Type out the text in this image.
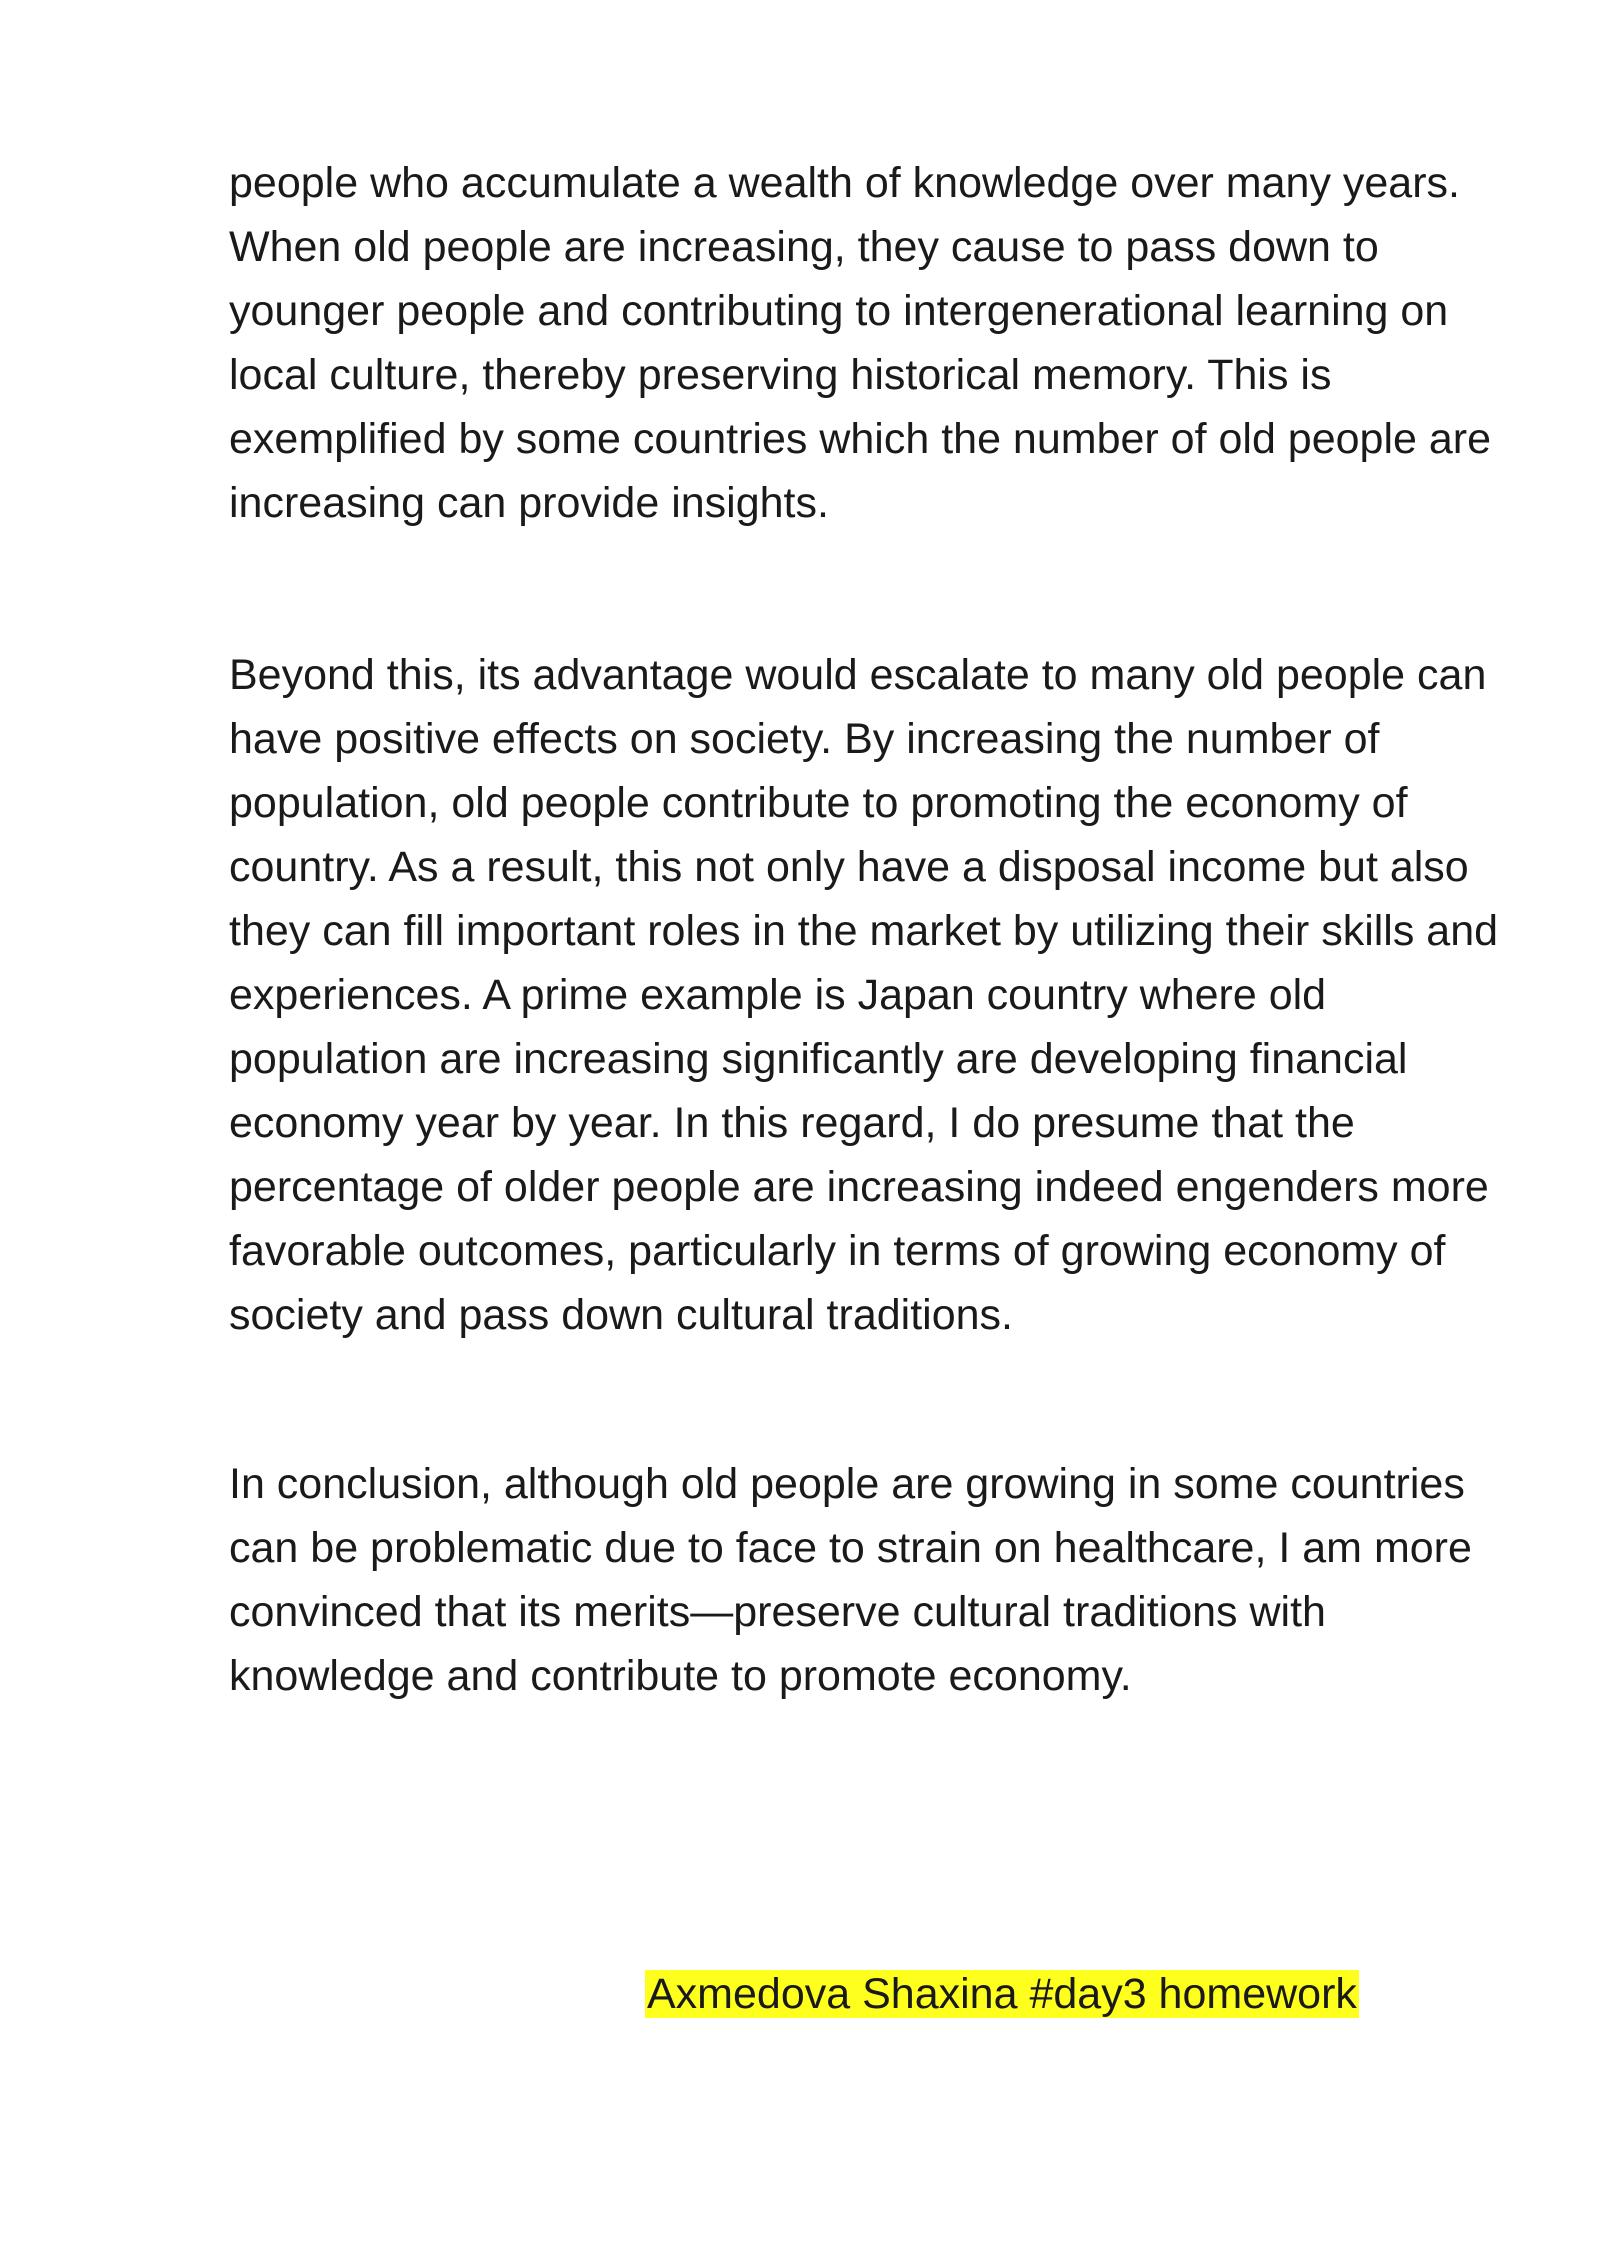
people who accumulate a wealth of knowledge over many years. When old people are increasing, they cause to pass down to younger people and contributing to intergenerational learning on local culture, thereby preserving historical memory. This is exemplified by some countries which the number of old people are increasing can provide insights.

Beyond this, its advantage would escalate to many old people can have positive effects on society. By increasing the number of population, old people contribute to promoting the economy of country. As a result, this not only have a disposal income but also they can fill important roles in the market by utilizing their skills and experiences. A prime example is Japan country where old population are increasing significantly are developing financial economy year by year. In this regard, I do presume that the percentage of older people are increasing indeed engenders more favorable outcomes, particularly in terms of growing economy of society and pass down cultural traditions.

In conclusion, although old people are growing in some countries can be problematic due to face to strain on healthcare, I am more convinced that its merits—preserve cultural traditions with knowledge and contribute to promote economy.

Axmedova Shaxina #day3 homework
